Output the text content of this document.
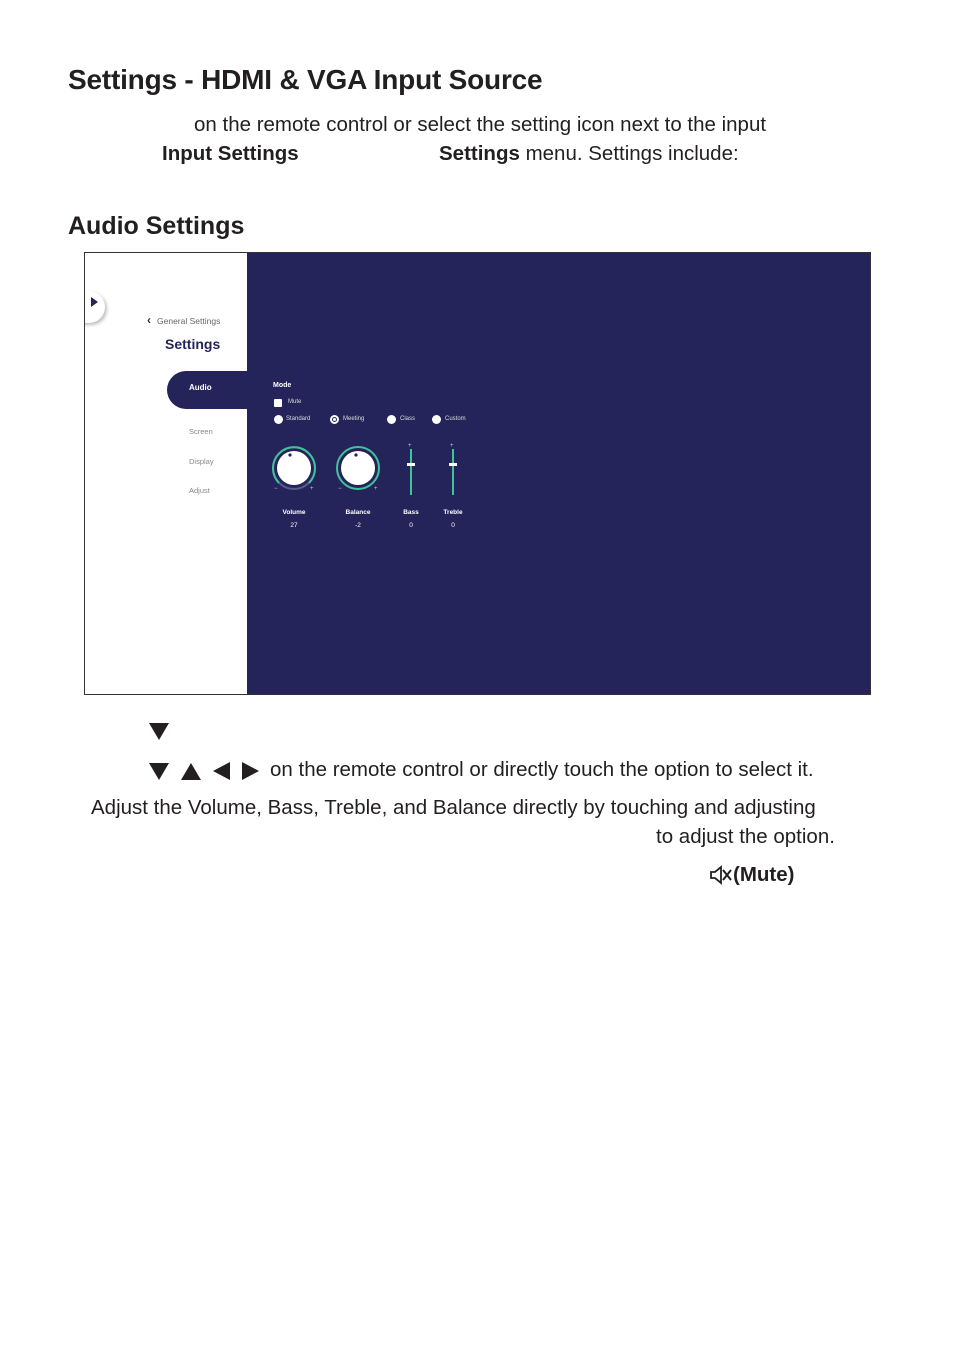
Settings - HDMI & VGA Input Source
on the remote control or select the setting icon next to the input
Input Settings	Settings menu. Settings include:
Audio Settings
‹ General Settings
Settings
Audio
Screen
Display
Adjust
Mode
Mute
Standard	Meeting	Class	Custom
−	+	−	+
+	+
Volume
27
Balance
-2
Bass
0
Treble
0
on the remote control or directly touch the option to select it.
Adjust the Volume, Bass, Treble, and Balance directly by touching and adjusting
to adjust the option.
(Mute)
